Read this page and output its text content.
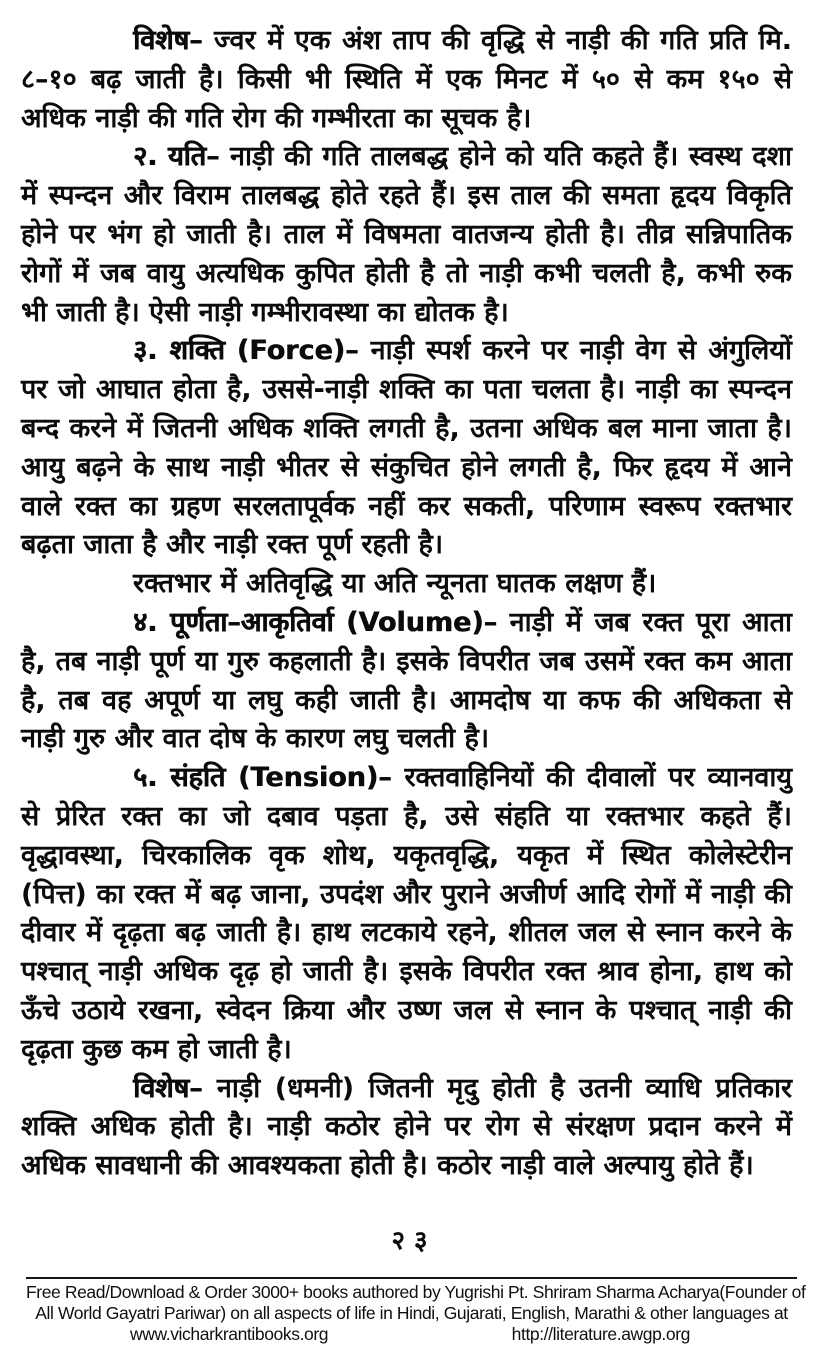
विशेष– ज्वर में एक अंश ताप की वृद्धि से नाड़ी की गति प्रति मि. ८–१० बढ़ जाती है। किसी भी स्थिति में एक मिनट में ५० से कम १५० से अधिक नाड़ी की गति रोग की गम्भीरता का सूचक है।

२. यति– नाड़ी की गति तालबद्ध होने को यति कहते हैं। स्वस्थ दशा में स्पन्दन और विराम तालबद्ध होते रहते हैं। इस ताल की समता हृदय विकृति होने पर भंग हो जाती है। ताल में विषमता वातजन्य होती है। तीव्र सन्निपातिक रोगों में जब वायु अत्यधिक कुपित होती है तो नाड़ी कभी चलती है, कभी रुक भी जाती है। ऐसी नाड़ी गम्भीरावस्था का द्योतक है।

३. शक्ति (Force)– नाड़ी स्पर्श करने पर नाड़ी वेग से अंगुलियों पर जो आघात होता है, उससे-नाड़ी शक्ति का पता चलता है। नाड़ी का स्पन्दन बन्द करने में जितनी अधिक शक्ति लगती है, उतना अधिक बल माना जाता है। आयु बढ़ने के साथ नाड़ी भीतर से संकुचित होने लगती है, फिर हृदय में आने वाले रक्त का ग्रहण सरलतापूर्वक नहीं कर सकती, परिणाम स्वरूप रक्तभार बढ़ता जाता है और नाड़ी रक्त पूर्ण रहती है।

रक्तभार में अतिवृद्धि या अति न्यूनता घातक लक्षण हैं।

४. पूर्णता–आकृतिर्वा (Volume)– नाड़ी में जब रक्त पूरा आता है, तब नाड़ी पूर्ण या गुरु कहलाती है। इसके विपरीत जब उसमें रक्त कम आता है, तब वह अपूर्ण या लघु कही जाती है। आमदोष या कफ की अधिकता से नाड़ी गुरु और वात दोष के कारण लघु चलती है।

५. संहति (Tension)– रक्तवाहिनियों की दीवालों पर व्यानवायु से प्रेरित रक्त का जो दबाव पड़ता है, उसे संहति या रक्तभार कहते हैं। वृद्धावस्था, चिरकालिक वृक शोथ, यकृतवृद्धि, यकृत में स्थित कोलेस्टेरीन (पित्त) का रक्त में बढ़ जाना, उपदंश और पुराने अजीर्ण आदि रोगों में नाड़ी की दीवार में दृढ़ता बढ़ जाती है। हाथ लटकाये रहने, शीतल जल से स्नान करने के पश्चात् नाड़ी अधिक दृढ़ हो जाती है। इसके विपरीत रक्त श्राव होना, हाथ को ऊँचे उठाये रखना, स्वेदन क्रिया और उष्ण जल से स्नान के पश्चात् नाड़ी की दृढ़ता कुछ कम हो जाती है।

विशेष– नाड़ी (धमनी) जितनी मृदु होती है उतनी व्याधि प्रतिकार शक्ति अधिक होती है। नाड़ी कठोर होने पर रोग से संरक्षण प्रदान करने में अधिक सावधानी की आवश्यकता होती है। कठोर नाड़ी वाले अल्पायु होते हैं।

२३
Free Read/Download & Order 3000+ books authored by Yugrishi Pt. Shriram Sharma Acharya(Founder of
All World Gayatri Pariwar) on all aspects of life in Hindi, Gujarati, English, Marathi & other languages at
www.vicharkrantibooks.org	http://literature.awgp.org
